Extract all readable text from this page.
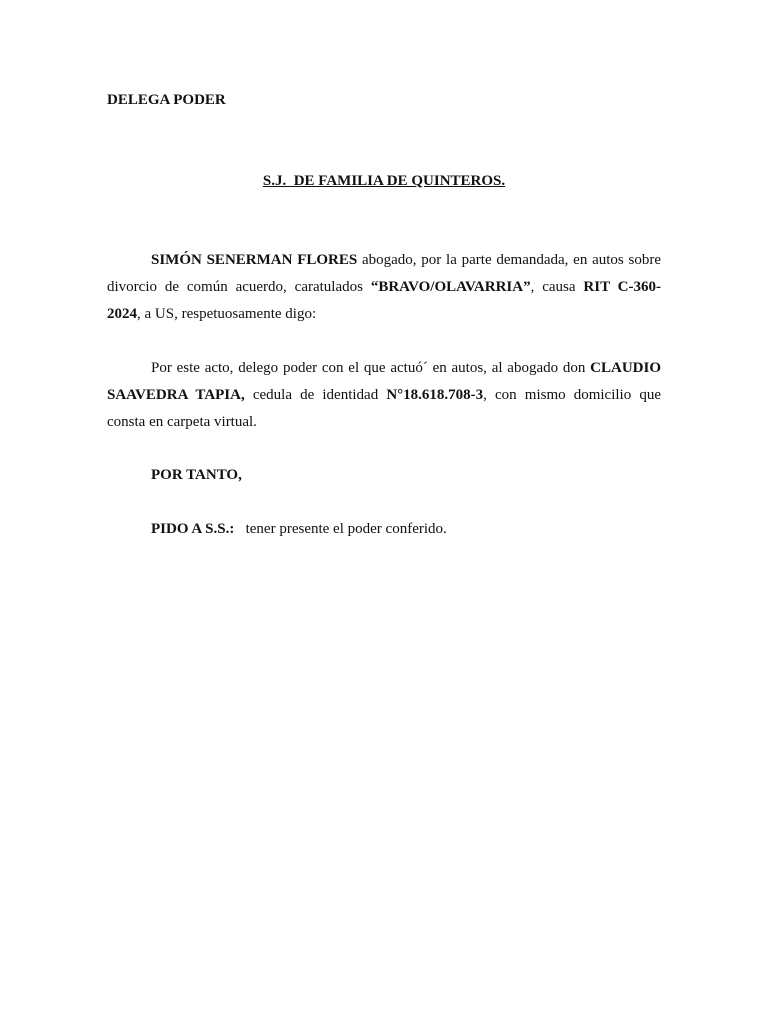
DELEGA PODER
S.J.  DE FAMILIA DE QUINTEROS.
SIMÓN SENERMAN FLORES abogado, por la parte demandada, en autos sobre divorcio de común acuerdo, caratulados “BRAVO/OLAVARRIA”, causa RIT C-360-2024, a US, respetuosamente digo:
Por este acto, delego poder con el que actuó´ en autos, al abogado don CLAUDIO SAAVEDRA TAPIA, cedula de identidad N°18.618.708-3, con mismo domicilio que consta en carpeta virtual.
POR TANTO,
PIDO A S.S.:   tener presente el poder conferido.
